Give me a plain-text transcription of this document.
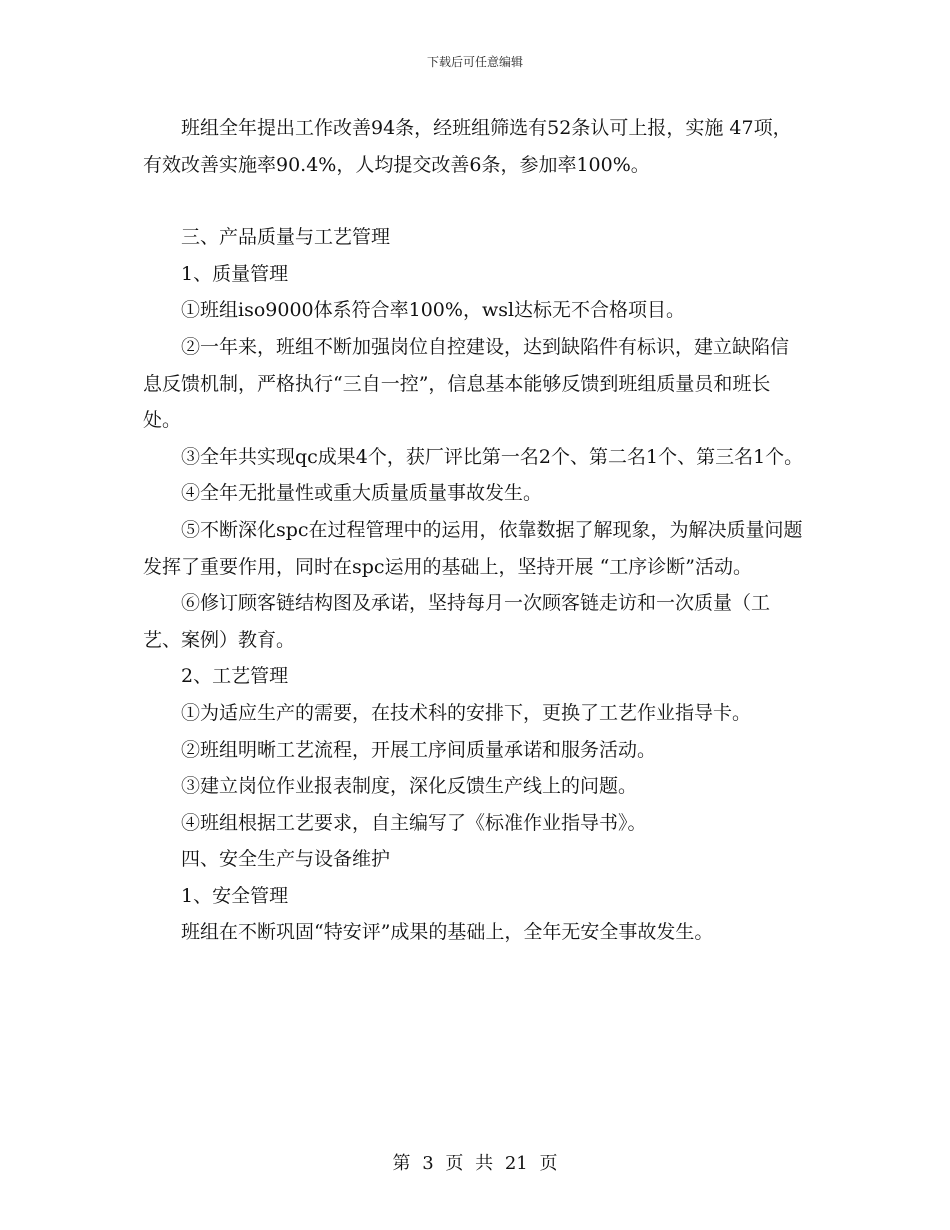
下载后可任意编辑

班组全年提出工作改善94条，经班组筛选有52条认可上报，实施 47项，有效改善实施率90.4%，人均提交改善6条，参加率100%。

三、产品质量与工艺管理

1、质量管理

①班组iso9000体系符合率100%，wsl达标无不合格项目。

②一年来，班组不断加强岗位自控建设，达到缺陷件有标识，建立缺陷信息反馈机制，严格执行“三自一控”，信息基本能够反馈到班组质量员和班长处。

③全年共实现qc成果4个，获厂评比第一名2个、第二名1个、第三名1个。

④全年无批量性或重大质量质量事故发生。

⑤不断深化spc在过程管理中的运用，依靠数据了解现象，为解决质量问题发挥了重要作用，同时在spc运用的基础上，坚持开展 “工序诊断”活动。

⑥修订顾客链结构图及承诺，坚持每月一次顾客链走访和一次质量（工艺、案例）教育。

2、工艺管理

①为适应生产的需要，在技术科的安排下，更换了工艺作业指导卡。

②班组明晰工艺流程，开展工序间质量承诺和服务活动。

③建立岗位作业报表制度，深化反馈生产线上的问题。

④班组根据工艺要求，自主编写了《标准作业指导书》。

四、安全生产与设备维护

1、安全管理

班组在不断巩固“特安评”成果的基础上，全年无安全事故发生。

第 3 页 共 21 页
